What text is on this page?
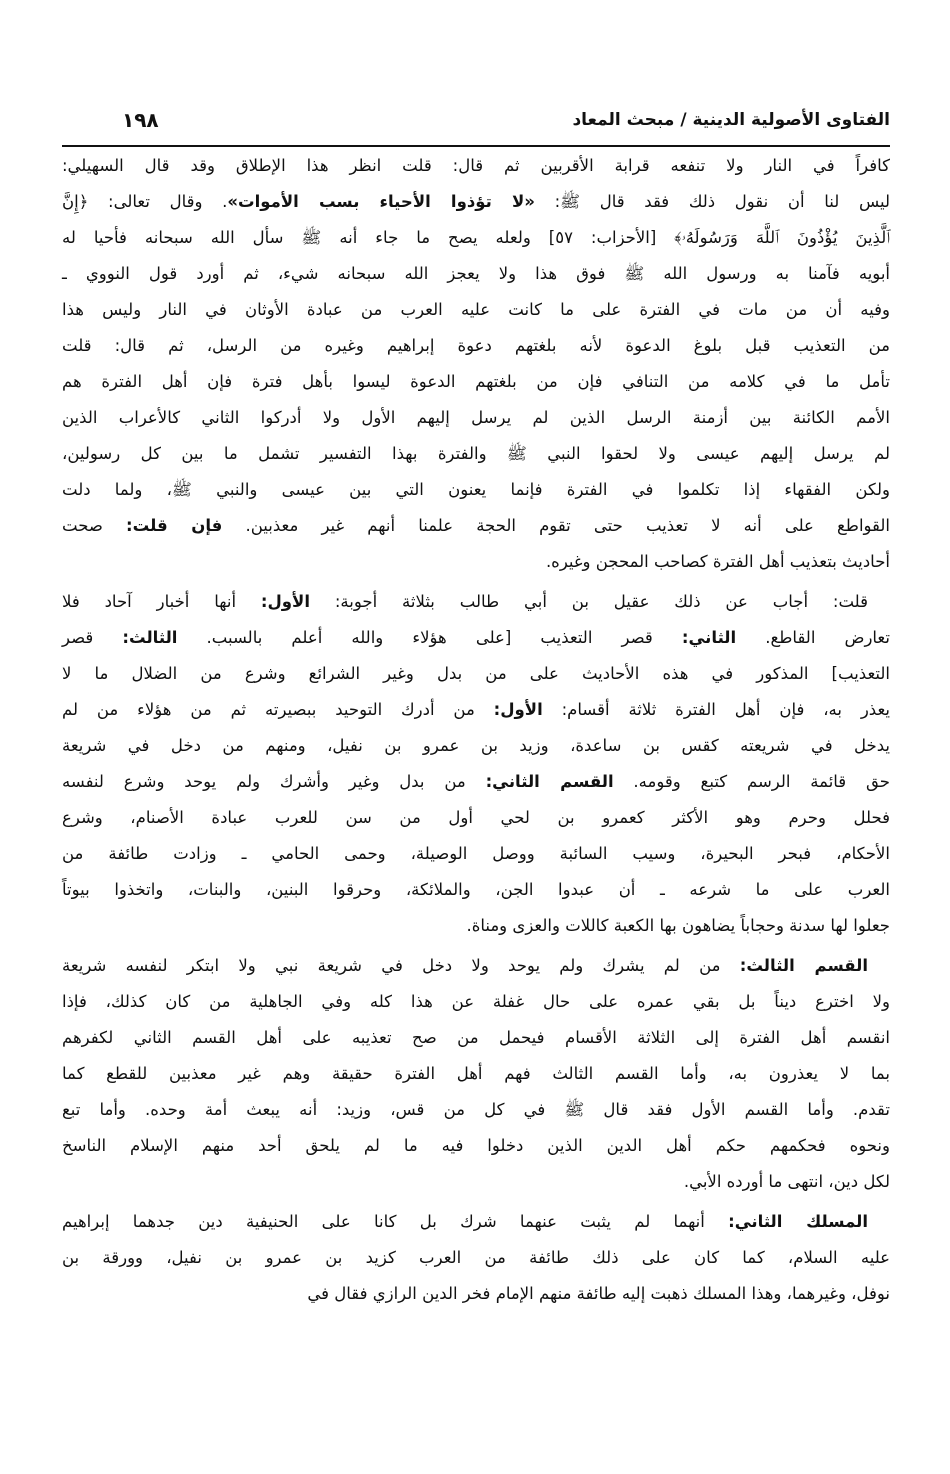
الفتاوى الأصولية الدينية / مبحث المعاد
١٩٨
كافراً في النار ولا تنفعه قرابة الأقربين ثم قال: قلت انظر هذا الإطلاق وقد قال السهيلي:
ليس لنا أن نقول ذلك فقد قال ﷺ: «لا تؤذوا الأحياء بسب الأموات». وقال تعالى: ﴿إِنَّ
ٱلَّذِينَ يُؤْذُونَ ٱللَّهَ وَرَسُولَهُۥ﴾ [الأحزاب: ٥٧] ولعله يصح ما جاء أنه ﷺ سأل الله سبحانه فأحيا له
أبويه فآمنا به ورسول الله ﷺ فوق هذا ولا يعجز الله سبحانه شيء، ثم أورد قول النووي ـ
وفيه أن من مات في الفترة على ما كانت عليه العرب من عبادة الأوثان في النار وليس هذا
من التعذيب قبل بلوغ الدعوة لأنه بلغتهم دعوة إبراهيم وغيره من الرسل، ثم قال: قلت
تأمل ما في كلامه من التنافي فإن من بلغتهم الدعوة ليسوا بأهل فترة فإن أهل الفترة هم
الأمم الكائنة بين أزمنة الرسل الذين لم يرسل إليهم الأول ولا أدركوا الثاني كالأعراب الذين
لم يرسل إليهم عيسى ولا لحقوا النبي ﷺ والفترة بهذا التفسير تشمل ما بين كل رسولين،
ولكن الفقهاء إذا تكلموا في الفترة فإنما يعنون التي بين عيسى والنبي ﷺ، ولما دلت
القواطع على أنه لا تعذيب حتى تقوم الحجة علمنا أنهم غير معذبين. فإن قلت: صحت
أحاديث بتعذيب أهل الفترة كصاحب المحجن وغيره.
قلت: أجاب عن ذلك عقيل بن أبي طالب بثلاثة أجوبة: الأول: أنها أخبار آحاد فلا
تعارض القاطع. الثاني: قصر التعذيب [على هؤلاء والله أعلم بالسبب. الثالث: قصر
التعذيب] المذكور في هذه الأحاديث على من بدل وغير الشرائع وشرع من الضلال ما لا
يعذر به، فإن أهل الفترة ثلاثة أقسام: الأول: من أدرك التوحيد ببصيرته ثم من هؤلاء من لم
يدخل في شريعته كقس بن ساعدة، وزيد بن عمرو بن نفيل، ومنهم من دخل في شريعة
حق قائمة الرسم كتبع وقومه. القسم الثاني: من بدل وغير وأشرك ولم يوحد وشرع لنفسه
فحلل وحرم وهو الأكثر كعمرو بن لحي أول من سن للعرب عبادة الأصنام، وشرع
الأحكام، فبحر البحيرة، وسيب السائبة ووصل الوصيلة، وحمى الحامي ـ وزادت طائفة من
العرب على ما شرعه ـ أن عبدوا الجن، والملائكة، وحرقوا البنين، والبنات، واتخذوا بيوتاً
جعلوا لها سدنة وحجاباً يضاهون بها الكعبة كاللات والعزى ومناة.
القسم الثالث: من لم يشرك ولم يوحد ولا دخل في شريعة نبي ولا ابتكر لنفسه شريعة
ولا اخترع ديناً بل بقي عمره على حال غفلة عن هذا كله وفي الجاهلية من كان كذلك، فإذا
انقسم أهل الفترة إلى الثلاثة الأقسام فيحمل من صح تعذيبه على أهل القسم الثاني لكفرهم
بما لا يعذرون به، وأما القسم الثالث فهم أهل الفترة حقيقة وهم غير معذبين للقطع كما
تقدم. وأما القسم الأول فقد قال ﷺ في كل من قس، وزيد: أنه يبعث أمة وحده. وأما تبع
ونحوه فحكمهم حكم أهل الدين الذين دخلوا فيه ما لم يلحق أحد منهم الإسلام الناسخ
لكل دين، انتهى ما أورده الأبي.
المسلك الثاني: أنهما لم يثبت عنهما شرك بل كانا على الحنيفية دين جدهما إبراهيم
عليه السلام، كما كان على ذلك طائفة من العرب كزيد بن عمرو بن نفيل، وورقة بن
نوفل، وغيرهما، وهذا المسلك ذهبت إليه طائفة منهم الإمام فخر الدين الرازي فقال في
